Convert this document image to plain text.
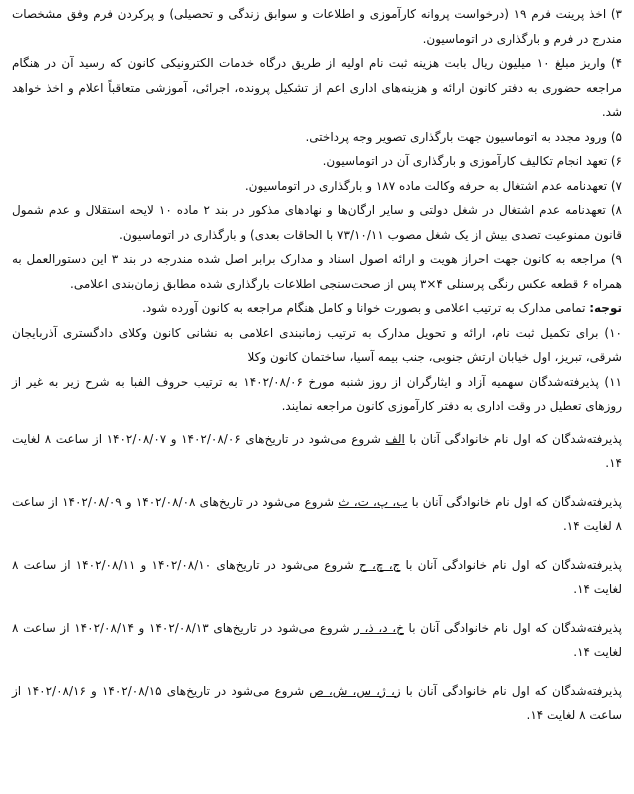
۳) اخذ پرینت فرم ۱۹ (درخواست پروانه کارآموزی و اطلاعات و سوابق زندگی و تحصیلی) و پرکردن فرم وفق مشخصات مندرج در فرم و بارگذاری در اتوماسیون.

۴) واریز مبلغ ۱۰ میلیون ریال بابت هزینه ثبت نام اولیه از طریق درگاه خدمات الکترونیکی کانون که رسید آن در هنگام مراجعه حضوری به دفتر کانون ارائه و هزینه‌های اداری اعم از تشکیل پرونده، اجرائی، آموزشی متعاقباً اعلام و اخذ خواهد شد.

۵) ورود مجدد به اتوماسیون جهت بارگذاری تصویر وجه پرداختی.

۶) تعهد انجام تکالیف کارآموزی و بارگذاری آن در اتوماسیون.

۷) تعهدنامه عدم اشتغال به حرفه وکالت ماده ۱۸۷ و بارگذاری در اتوماسیون.

۸) تعهدنامه عدم اشتغال در شغل دولتی و سایر ارگان‌ها و نهادهای مذکور در بند ۲ ماده ۱۰ لایحه استقلال و عدم شمول قانون ممنوعیت تصدی بیش از یک شغل مصوب ۷۳/۱۰/۱۱ با الحاقات بعدی) و بارگذاری در اتوماسیون.

۹) مراجعه به کانون جهت احراز هویت و ارائه اصول اسناد و مدارک برابر اصل شده مندرجه در بند ۳ این دستورالعمل به همراه ۶ قطعه عکس رنگی پرسنلی ۴×۳ پس از صحت‌سنجی اطلاعات بارگذاری شده مطابق زمان‌بندی اعلامی.

توجه: تمامی مدارک به ترتیب اعلامی و بصورت خوانا و کامل هنگام مراجعه به کانون آورده شود.

۱۰) برای تکمیل ثبت نام، ارائه و تحویل مدارک به ترتیب زمانبندی اعلامی به نشانی کانون وکلای دادگستری آذربایجان شرقی، تبریز، اول خیابان ارتش جنوبی، جنب بیمه آسیا، ساختمان کانون وکلا

۱۱) پذیرفته‌شدگان سهمیه آزاد و ایثارگران از روز شنبه مورخ ۱۴۰۲/۰۸/۰۶ به ترتیب حروف الفبا به شرح زیر به غیر از روزهای تعطیل در وقت اداری به دفتر کارآموزی کانون مراجعه نمایند.

پذیرفته‌شدگان که اول نام خانوادگی آنان با الف شروع می‌شود در تاریخ‌های ۱۴۰۲/۰۸/۰۶ و ۱۴۰۲/۰۸/۰۷ از ساعت ۸ لغایت ۱۴.

پذیرفته‌شدگان که اول نام خانوادگی آنان با ب، پ، ت، ث شروع می‌شود در تاریخ‌های ۱۴۰۲/۰۸/۰۸ و ۱۴۰۲/۰۸/۰۹ از ساعت ۸ لغایت ۱۴.

پذیرفته‌شدگان که اول نام خانوادگی آنان با ج، چ، ح شروع می‌شود در تاریخ‌های ۱۴۰۲/۰۸/۱۰ و ۱۴۰۲/۰۸/۱۱ از ساعت ۸ لغایت ۱۴.

پذیرفته‌شدگان که اول نام خانوادگی آنان با خ، د، ذ، ر شروع می‌شود در تاریخ‌های ۱۴۰۲/۰۸/۱۳ و ۱۴۰۲/۰۸/۱۴ از ساعت ۸ لغایت ۱۴.

پذیرفته‌شدگان که اول نام خانوادگی آنان با ز، ژ، س، ش، ص شروع می‌شود در تاریخ‌های ۱۴۰۲/۰۸/۱۵ و ۱۴۰۲/۰۸/۱۶ از ساعت ۸ لغایت ۱۴.
